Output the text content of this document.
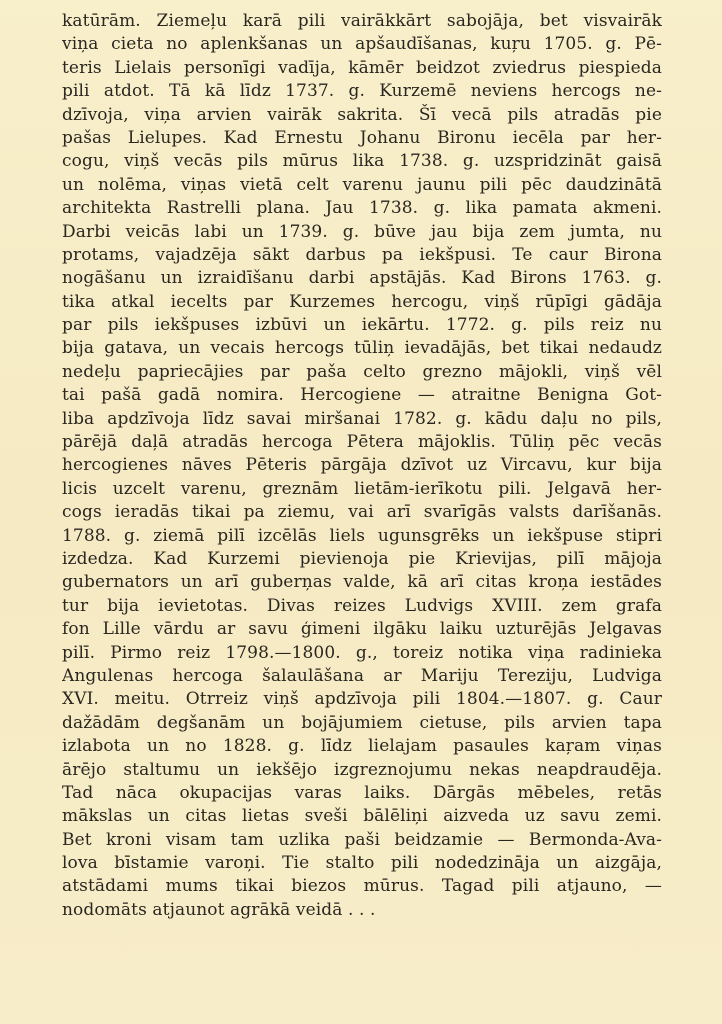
katūrām. Ziemeļu karā pili vairākkārt sabojāja, bet visvairāk
viņa cieta no aplenkšanas un apšaudīšanas, kuŗu 1705. g. Pē-
teris Lielais personīgi vadīja, kāmēr beidzot zviedrus piespieda
pili atdot. Tā kā līdz 1737. g. Kurzemē neviens hercogs ne-
dzīvoja, viņa arvien vairāk sakrita. Šī vecā pils atradās pie
pašas Lielupes. Kad Ernestu Johanu Bironu iecēla par her-
cogu, viņš vecās pils mūrus lika 1738. g. uzspridzināt gaisā
un nolēma, viņas vietā celt varenu jaunu pili pēc daudzinātā
architekta Rastrelli plana. Jau 1738. g. lika pamata akmeni.
Darbi veicās labi un 1739. g. būve jau bija zem jumta, nu
protams, vajadzēja sākt darbus pa iekšpusi. Te caur Birona
nogāšanu un izraidīšanu darbi apstājās. Kad Birons 1763. g.
tika atkal iecelts par Kurzemes hercogu, viņš rūpīgi gādāja
par pils iekšpuses izbūvi un iekārtu. 1772. g. pils reiz nu
bija gatava, un vecais hercogs tūliņ ievadājās, bet tikai nedaudz
nedeļu papriecājies par paša celto grezno mājokli, viņš vēl
tai pašā gadā nomira. Hercogiene — atraitne Benigna Got-
liba apdzīvoja līdz savai miršanai 1782. g. kādu daļu no pils,
pārējā daļā atradās hercoga Pētera mājoklis. Tūliņ pēc vecās
hercogienes nāves Pēteris pārgāja dzīvot uz Vircavu, kur bija
licis uzcelt varenu, greznām lietām-ierīkotu pili. Jelgavā her-
cogs ieradās tikai pa ziemu, vai arī svarīgās valsts darīšanās.
1788. g. ziemā pilī izcēlās liels ugunsgrēks un iekšpuse stipri
izdedza. Kad Kurzemi pievienoja pie Krievijas, pilī mājoja
gubernators un arī guberņas valde, kā arī citas kroņa iestādes
tur bija ievietotas. Divas reizes Ludvigs XVIII. zem grafa
fon Lille vārdu ar savu ģimeni ilgāku laiku uzturējās Jelgavas
pilī. Pirmo reiz 1798.—1800. g., toreiz notika viņa radinieka
Angulenas hercoga šalaulāšana ar Mariju Tereziju, Ludviga
XVI. meitu. Otrreiz viņš apdzīvoja pili 1804.—1807. g. Caur
dažādām degšanām un bojājumiem cietuse, pils arvien tapa
izlabota un no 1828. g. līdz lielajam pasaules kaŗam viņas
ārējo staltumu un iekšējo izgreznojumu nekas neapdraudēja.
Tad nāca okupacijas varas laiks. Dārgās mēbeles, retās
mākslas un citas lietas sveši bālēliņi aizveda uz savu zemi.
Bet kroni visam tam uzlika paši beidzamie — Bermonda-Ava-
lova bīstamie varoņi. Tie stalto pili nodedzināja un aizgāja,
atstādami mums tikai biezos mūrus. Tagad pili atjauno, —
nodomāts atjaunot agrākā veidā . . .
